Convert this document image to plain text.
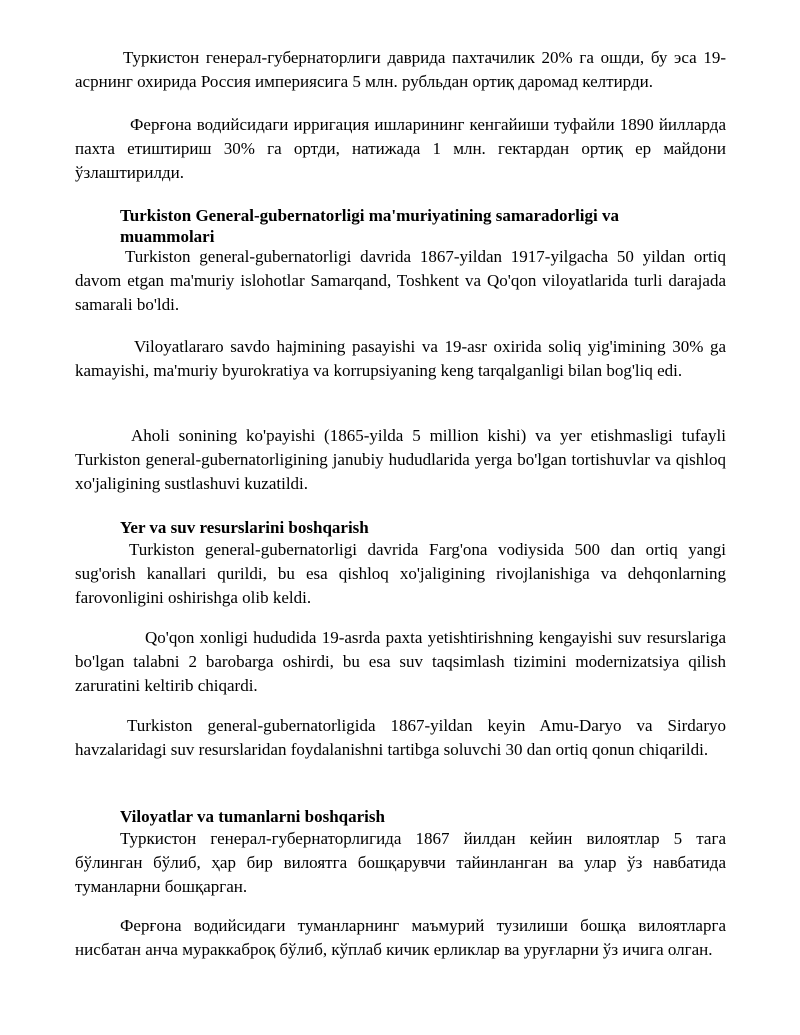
Туркистон генерал-губернаторлиги даврида пахтачилик 20% га ошди, бу эса 19-асрнинг охирида Россия империясига 5 млн. рубльдан ортиқ даромад келтирди.

Ферғона водийсидаги ирригация ишларининг кенгайиши туфайли 1890 йилларда пахта етиштириш 30% га ортди, натижада 1 млн. гектардан ортиқ ер майдони ўзлаштирилди.

Turkiston General-gubernatorligi ma'muriyatining samaradorligi va muammolari

Turkiston general-gubernatorligi davrida 1867-yildan 1917-yilgacha 50 yildan ortiq davom etgan ma'muriy islohotlar Samarqand, Toshkent va Qo'qon viloyatlarida turli darajada samarali bo'ldi.

Viloyatlararo savdo hajmining pasayishi va 19-asr oxirida soliq yig'imining 30% ga kamayishi, ma'muriy byurokratiya va korrupsiyaning keng tarqalganligi bilan bog'liq edi.

Aholi sonining ko'payishi (1865-yilda 5 million kishi) va yer etishmasligi tufayli Turkiston general-gubernatorligining janubiy hududlarida yerga bo'lgan tortishuvlar va qishloq xo'jaligining sustlashuvi kuzatildi.

Yer va suv resurslarini boshqarish

Turkiston general-gubernatorligi davrida Farg'ona vodiysida 500 dan ortiq yangi sug'orish kanallari qurildi, bu esa qishloq xo'jaligining rivojlanishiga va dehqonlarning farovonligini oshirishga olib keldi.

Qo'qon xonligi hududida 19-asrda paxta yetishtirishning kengayishi suv resurslariga bo'lgan talabni 2 barobarga oshirdi, bu esa suv taqsimlash tizimini modernizatsiya qilish zaruratini keltirib chiqardi.

Turkiston general-gubernatorligida 1867-yildan keyin Amu-Daryo va Sirdaryo havzalaridagi suv resurslaridan foydalanishni tartibga soluvchi 30 dan ortiq qonun chiqarildi.

Viloyatlar va tumanlarni boshqarish

Туркистон генерал-губернаторлигида 1867 йилдан кейин вилоятлар 5 тага бўлинган бўлиб, ҳар бир вилоятга бошқарувчи тайинланган ва улар ўз навбатида туманларни бошқарган.

Ферғона водийсидаги туманларнинг маъмурий тузилиши бошқа вилоятларга нисбатан анча мураккаброқ бўлиб, кўплаб кичик ерликлар ва уруғларни ўз ичига олган.
